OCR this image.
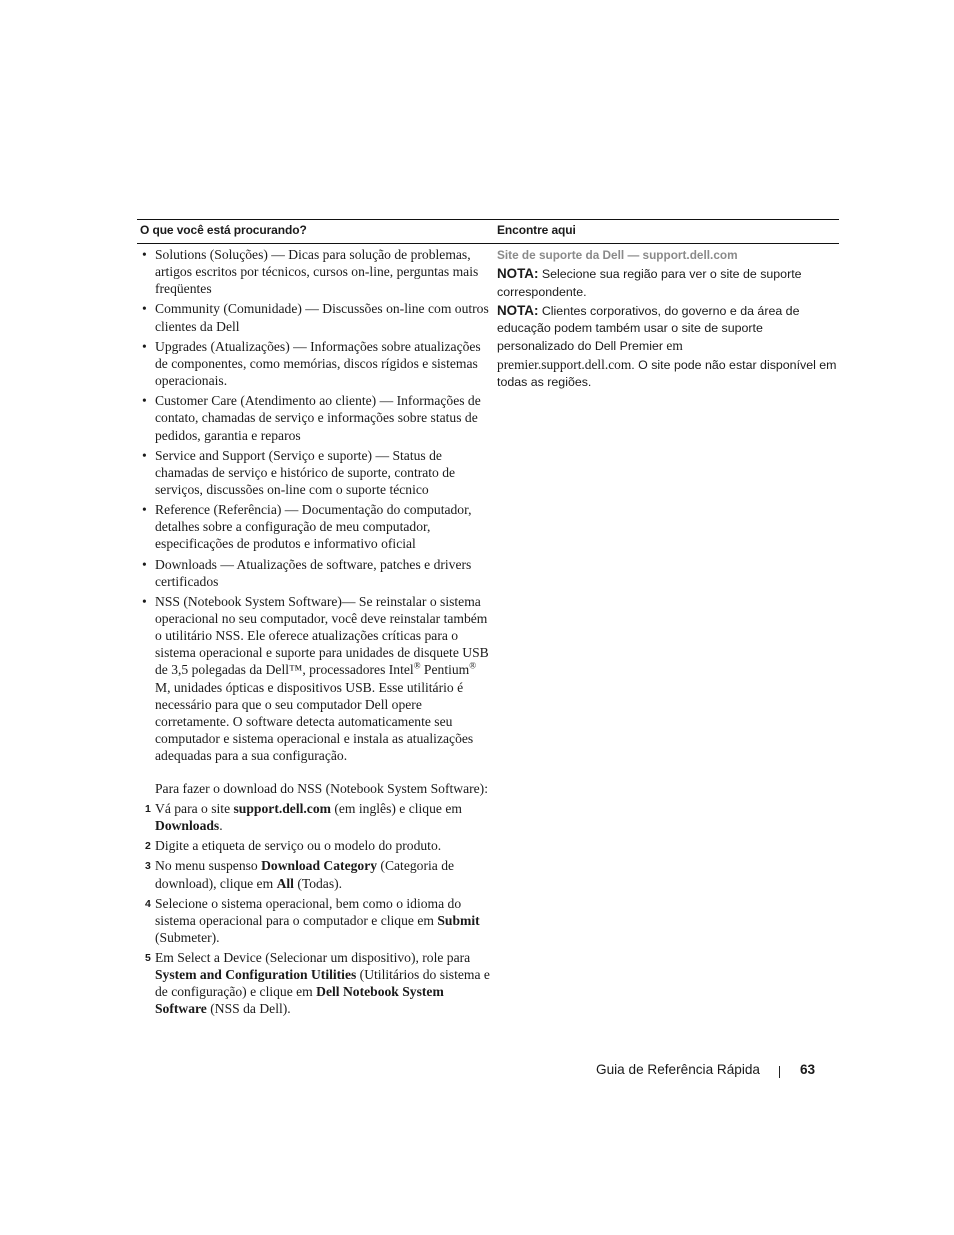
O que você está procurando?	Encontre aqui
• Solutions (Soluções) — Dicas para solução de problemas, artigos escritos por técnicos, cursos on-line, perguntas mais freqüentes
• Community (Comunidade) — Discussões on-line com outros clientes da Dell
• Upgrades (Atualizações) — Informações sobre atualizações de componentes, como memórias, discos rígidos e sistemas operacionais.
• Customer Care (Atendimento ao cliente) — Informações de contato, chamadas de serviço e informações sobre status de pedidos, garantia e reparos
• Service and Support (Serviço e suporte) — Status de chamadas de serviço e histórico de suporte, contrato de serviços, discussões on-line com o suporte técnico
• Reference (Referência) — Documentação do computador, detalhes sobre a configuração de meu computador, especificações de produtos e informativo oficial
• Downloads — Atualizações de software, patches e drivers certificados
• NSS (Notebook System Software)— Se reinstalar o sistema operacional no seu computador, você deve reinstalar também o utilitário NSS. Ele oferece atualizações críticas para o sistema operacional e suporte para unidades de disquete USB de 3,5 polegadas da Dell™, processadores Intel® Pentium® M, unidades ópticas e dispositivos USB. Esse utilitário é necessário para que o seu computador Dell opere corretamente. O software detecta automaticamente seu computador e sistema operacional e instala as atualizações adequadas para a sua configuração.
Para fazer o download do NSS (Notebook System Software):
1 Vá para o site support.dell.com (em inglês) e clique em Downloads.
2 Digite a etiqueta de serviço ou o modelo do produto.
3 No menu suspenso Download Category (Categoria de download), clique em All (Todas).
4 Selecione o sistema operacional, bem como o idioma do sistema operacional para o computador e clique em Submit (Submeter).
5 Em Select a Device (Selecionar um dispositivo), role para System and Configuration Utilities (Utilitários do sistema e de configuração) e clique em Dell Notebook System Software (NSS da Dell).
Site de suporte da Dell — support.dell.com
NOTA: Selecione sua região para ver o site de suporte correspondente.
NOTA: Clientes corporativos, do governo e da área de educação podem também usar o site de suporte personalizado do Dell Premier em
premier.support.dell.com. O site pode não estar disponível em todas as regiões.
Guia de Referência Rápida	63
